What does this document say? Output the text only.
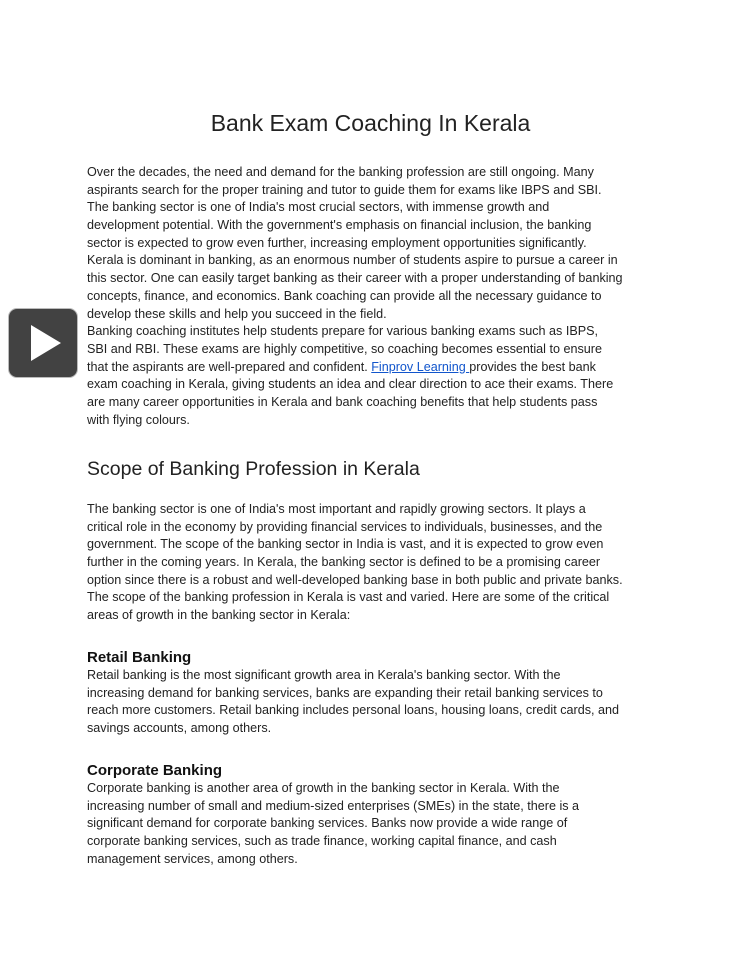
Bank Exam Coaching In Kerala
Over the decades, the need and demand for the banking profession are still ongoing. Many
aspirants search for the proper training and tutor to guide them for exams like IBPS and SBI.
The banking sector is one of India's most crucial sectors, with immense growth and
development potential. With the government's emphasis on financial inclusion, the banking
sector is expected to grow even further, increasing employment opportunities significantly.
Kerala is dominant in banking, as an enormous number of students aspire to pursue a career in
this sector. One can easily target banking as their career with a proper understanding of banking
concepts, finance, and economics. Bank coaching can provide all the necessary guidance to
develop these skills and help you succeed in the field.
Banking coaching institutes help students prepare for various banking exams such as IBPS,
SBI and RBI. These exams are highly competitive, so coaching becomes essential to ensure
that the aspirants are well-prepared and confident. Finprov Learning provides the best bank
exam coaching in Kerala, giving students an idea and clear direction to ace their exams. There
are many career opportunities in Kerala and bank coaching benefits that help students pass
with flying colours.
Scope of Banking Profession in Kerala
The banking sector is one of India's most important and rapidly growing sectors. It plays a
critical role in the economy by providing financial services to individuals, businesses, and the
government. The scope of the banking sector in India is vast, and it is expected to grow even
further in the coming years. In Kerala, the banking sector is defined to be a promising career
option since there is a robust and well-developed banking base in both public and private banks.
The scope of the banking profession in Kerala is vast and varied. Here are some of the critical
areas of growth in the banking sector in Kerala:
Retail Banking
Retail banking is the most significant growth area in Kerala's banking sector. With the
increasing demand for banking services, banks are expanding their retail banking services to
reach more customers. Retail banking includes personal loans, housing loans, credit cards, and
savings accounts, among others.
Corporate Banking
Corporate banking is another area of growth in the banking sector in Kerala. With the
increasing number of small and medium-sized enterprises (SMEs) in the state, there is a
significant demand for corporate banking services. Banks now provide a wide range of
corporate banking services, such as trade finance, working capital finance, and cash
management services, among others.
